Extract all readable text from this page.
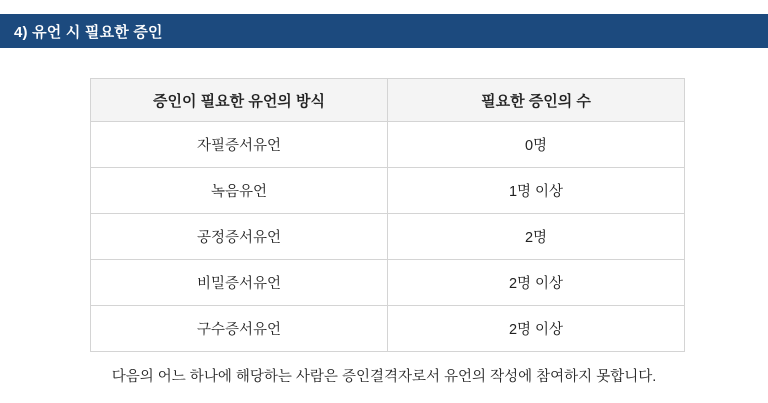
4) 유언 시 필요한 증인
증인이 필요한 유언의 방식	필요한 증인의 수
자필증서유언	0명
녹음유언	1명 이상
공정증서유언	2명
비밀증서유언	2명 이상
구수증서유언	2명 이상
다음의 어느 하나에 해당하는 사람은 증인결격자로서 유언의 작성에 참여하지 못합니다.
